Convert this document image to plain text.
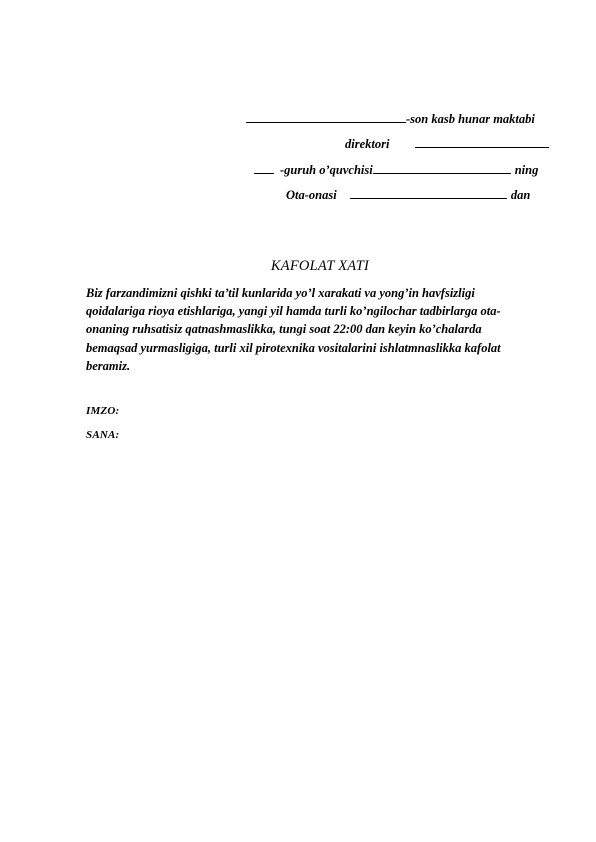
-son kasb hunar maktabi
direktori
-guruh o’quvchisi	ning
Ota-onasi	dan
KAFOLAT XATI
Biz farzandimizni qishki ta’til kunlarida yo’l xarakati va yong’in havfsizligi
qoidalariga rioya etishlariga, yangi yil hamda turli ko’ngilochar tadbirlarga ota-
onaning ruhsatisiz qatnashmaslikka, tungi soat 22:00 dan keyin ko’chalarda
bemaqsad yurmasligiga, turli xil pirotexnika vositalarini ishlatmnaslikka kafolat
beramiz.
IMZO:
SANA:
